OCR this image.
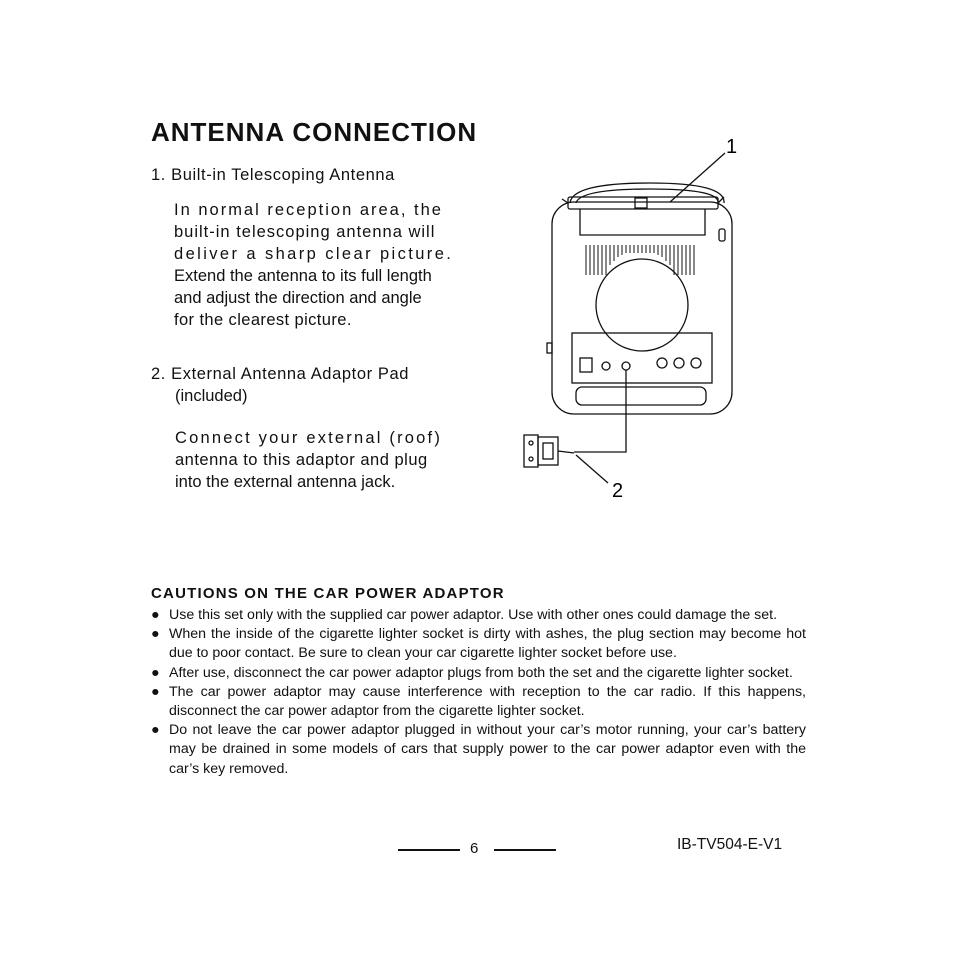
ANTENNA CONNECTION
1. Built-in Telescoping Antenna
In normal reception area, the
built-in telescoping antenna will
deliver a sharp clear picture.
Extend the antenna to its full length
and adjust the direction and angle
for the clearest picture.
2. External Antenna Adaptor Pad
(included)
Connect your external (roof)
antenna to this adaptor and plug
into the external antenna jack.
1
2
CAUTIONS ON THE CAR POWER ADAPTOR
● Use this set only with the supplied car power adaptor. Use with other ones could damage the set.
● When the inside of the cigarette lighter socket is dirty with ashes, the plug section may become hot due to poor contact. Be sure to clean your car cigarette lighter socket before use.
● After use, disconnect the car power adaptor plugs from both the set and the cigarette lighter socket.
● The car power adaptor may cause interference with reception to the car radio. If this happens, disconnect the car power adaptor from the cigarette lighter socket.
● Do not leave the car power adaptor plugged in without your car’s motor running, your car’s battery may be drained in some models of cars that supply power to the car power adaptor even with the car’s key removed.
6	IB-TV504-E-V1
